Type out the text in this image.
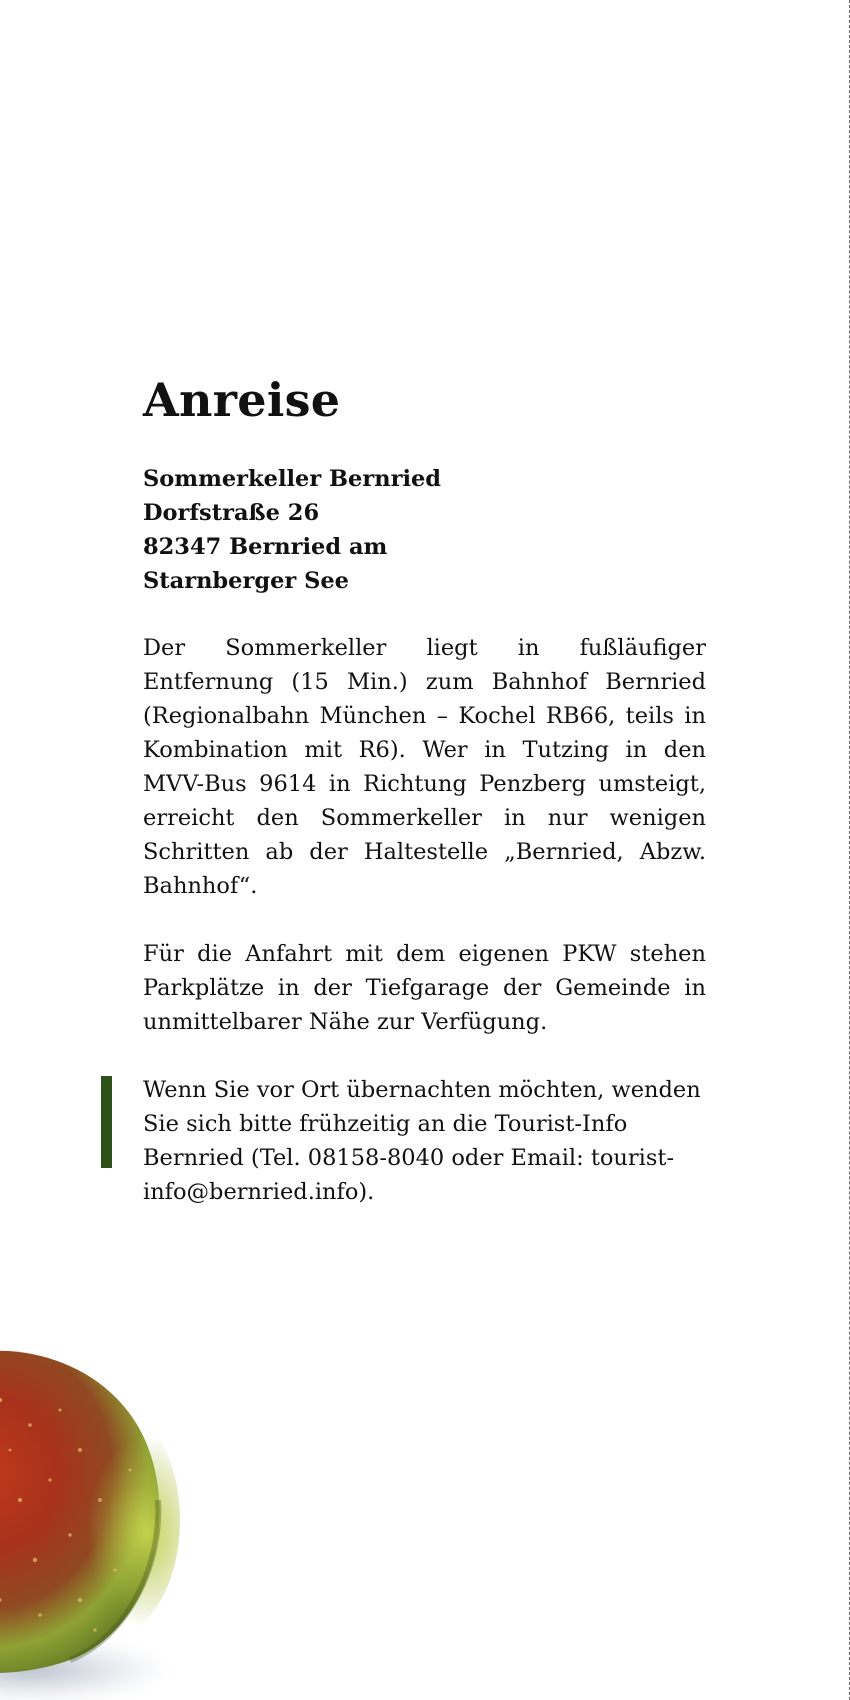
Anreise
Sommerkeller Bernried
Dorfstraße 26
82347 Bernried am
Starnberger See

Der Sommerkeller liegt in fußläufiger Entfernung (15 Min.) zum Bahnhof Bernried (Regionalbahn München – Kochel RB66, teils in Kombination mit R6). Wer in Tutzing in den MVV-Bus 9614 in Richtung Penzberg umsteigt, erreicht den Sommerkeller in nur wenigen Schritten ab der Haltestelle „Bernried, Abzw. Bahnhof“.

Für die Anfahrt mit dem eigenen PKW stehen Parkplätze in der Tiefgarage der Gemeinde in unmittelbarer Nähe zur Verfügung.

Wenn Sie vor Ort übernachten möchten, wenden Sie sich bitte frühzeitig an die Tourist-Info Bernried (Tel. 08158-8040 oder Email: tourist-info@bernried.info).
